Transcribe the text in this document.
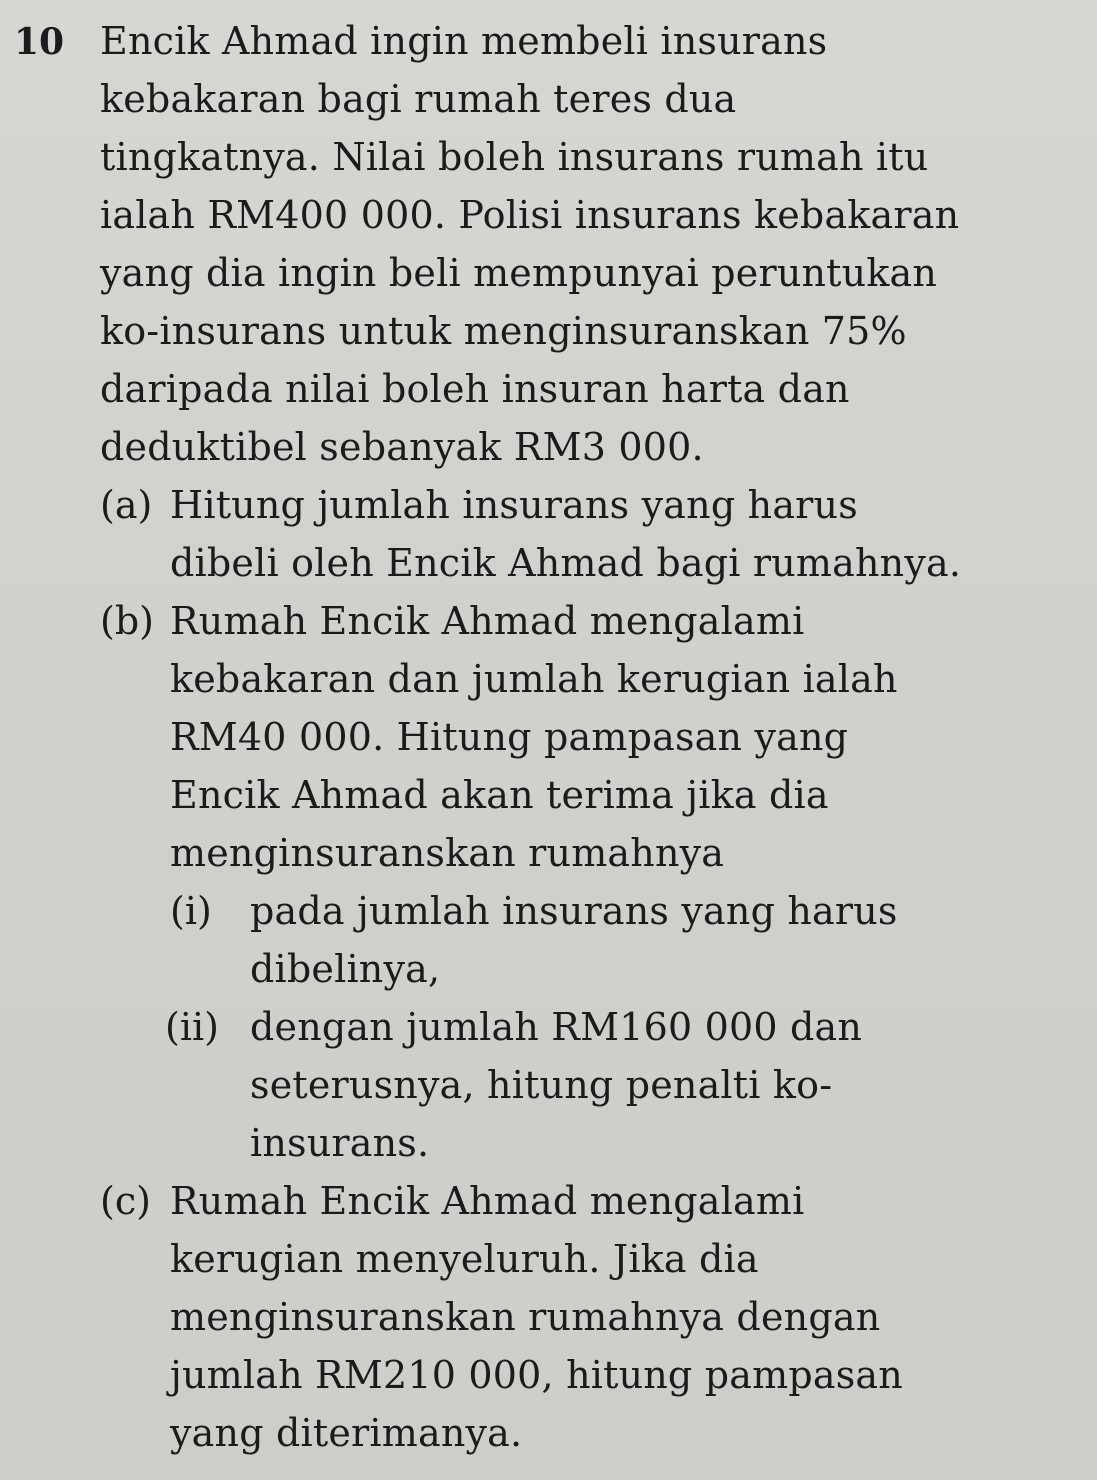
10 Encik Ahmad ingin membeli insurans
kebakaran bagi rumah teres dua
tingkatnya. Nilai boleh insurans rumah itu
ialah RM400 000. Polisi insurans kebakaran
yang dia ingin beli mempunyai peruntukan
ko-insurans untuk menginsuranskan 75%
daripada nilai boleh insuran harta dan
deduktibel sebanyak RM3 000.
(a) Hitung jumlah insurans yang harus
dibeli oleh Encik Ahmad bagi rumahnya.
(b) Rumah Encik Ahmad mengalami
kebakaran dan jumlah kerugian ialah
RM40 000. Hitung pampasan yang
Encik Ahmad akan terima jika dia
menginsuranskan rumahnya
(i) pada jumlah insurans yang harus
dibelinya,
(ii) dengan jumlah RM160 000 dan
seterusnya, hitung penalti ko-
insurans.
(c) Rumah Encik Ahmad mengalami
kerugian menyeluruh. Jika dia
menginsuranskan rumahnya dengan
jumlah RM210 000, hitung pampasan
yang diterimanya.
